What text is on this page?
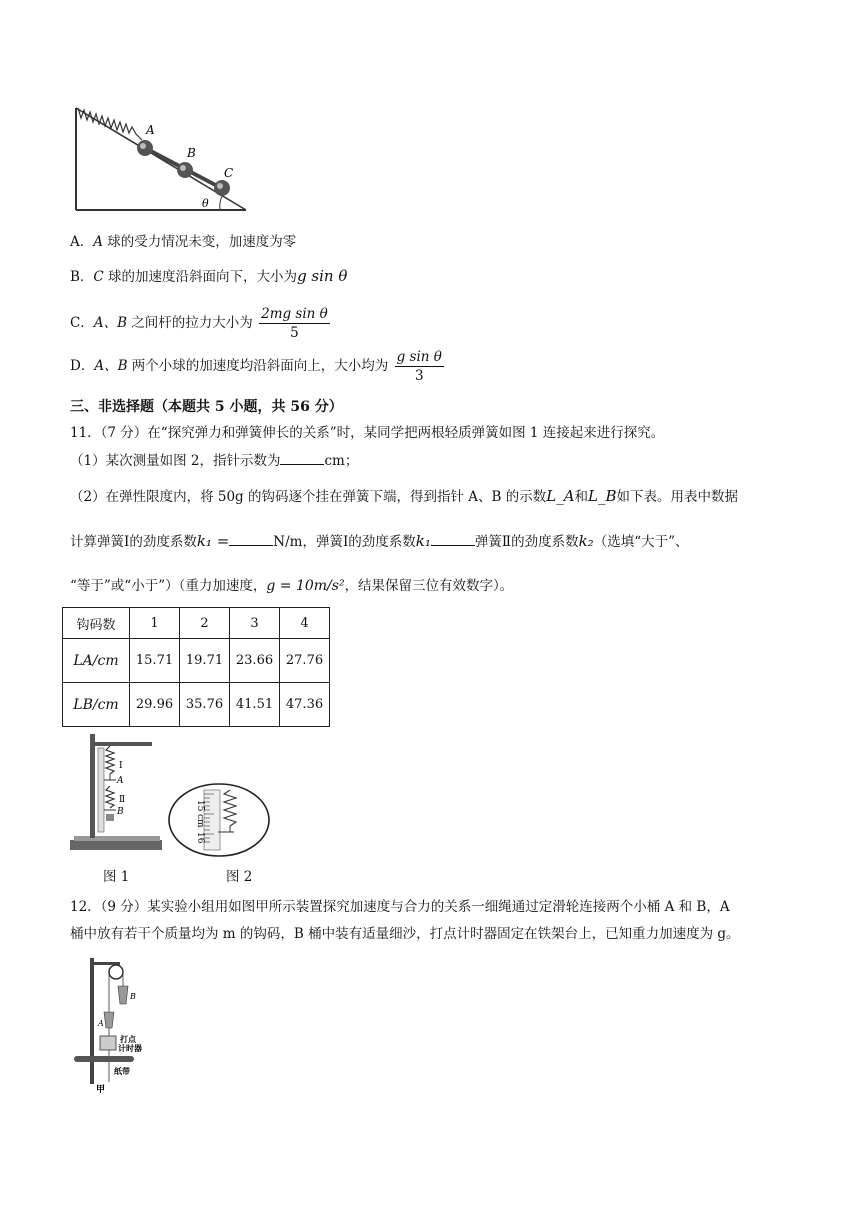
A
B
C
θ
A．A 球的受力情况未变，加速度为零
B．C 球的加速度沿斜面向下，大小为g sin θ
C．A、B 之间杆的拉力大小为 $\frac{\text{2mg sin θ}}{5}$
D．A、B 两个小球的加速度均沿斜面向上，大小均为 $\frac{\text{g sin θ}}{3}$
三、非选择题（本题共 5 小题，共 56 分）
11．（7 分）在“探究弹力和弹簧伸长的关系”时，某同学把两根轻质弹簧如图 1 连接起来进行探究。
（1）某次测量如图 2，指针示数为	cm；
（2）在弹性限度内，将 50g 的钩码逐个挂在弹簧下端，得到指针 A、B 的示数L_A和L_B如下表。用表中数据
计算弹簧Ⅰ的劲度系数k₁ =	N/m，弹簧Ⅰ的劲度系数k₁	弹簧Ⅱ的劲度系数k₂（选填“大于”、
“等于”或“小于”）（重力加速度，g = 10m/s²，结果保留三位有效数字）。
钩码数	1	2	3	4
LA/cm	15.71	19.71	23.66	27.76
LB/cm	29.96	35.76	41.51	47.36
I
A
Ⅱ
B
15
cm
16
图 1	图 2
12．（9 分）某实验小组用如图甲所示装置探究加速度与合力的关系一细绳通过定滑轮连接两个小桶 A 和 B，A
桶中放有若干个质量均为 m 的钩码，B 桶中装有适量细沙，打点计时器固定在铁架台上，已知重力加速度为 g。
B
A
打点
计时器
纸带
甲
